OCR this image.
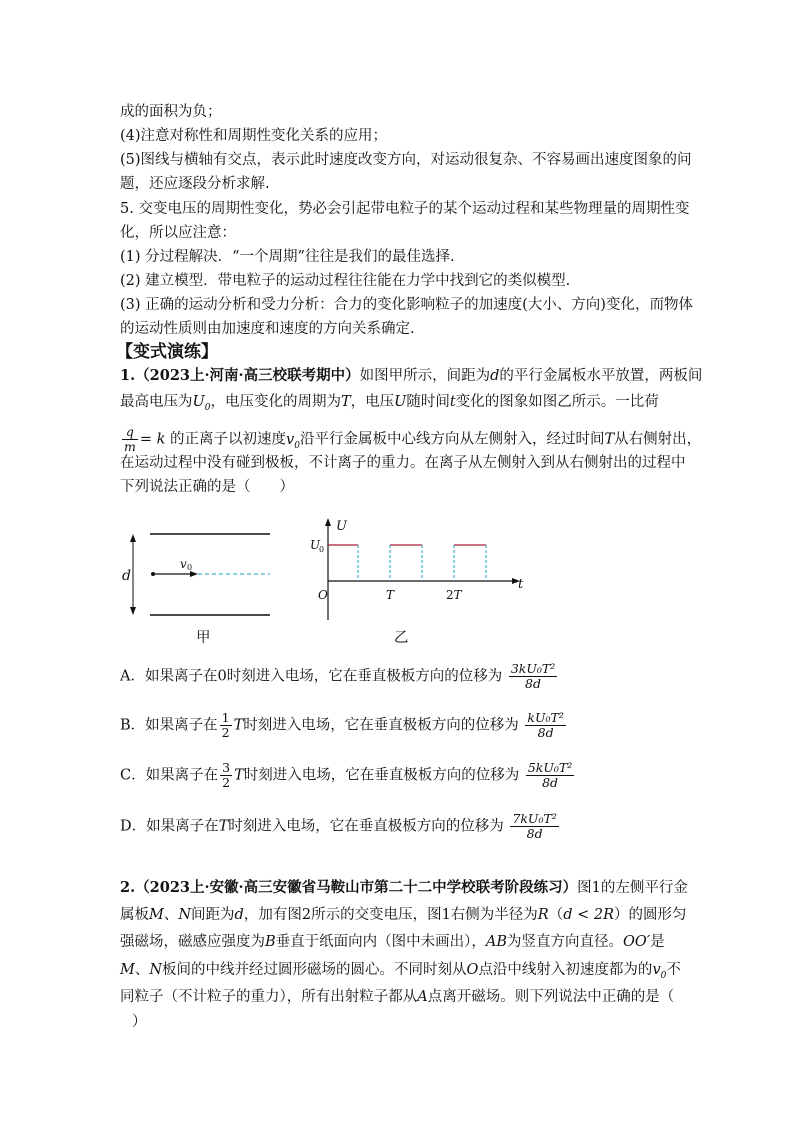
成的面积为负；
(4)注意对称性和周期性变化关系的应用；
(5)图线与横轴有交点，表示此时速度改变方向，对运动很复杂、不容易画出速度图象的问
题，还应逐段分析求解.
5. 交变电压的周期性变化，势必会引起带电粒子的某个运动过程和某些物理量的周期性变
化，所以应注意：
(1) 分过程解决．“一个周期”往往是我们的最佳选择.
(2) 建立模型．带电粒子的运动过程往往能在力学中找到它的类似模型.
(3) 正确的运动分析和受力分析：合力的变化影响粒子的加速度(大小、方向)变化，而物体
的运动性质则由加速度和速度的方向关系确定.
【变式演练】
1.（2023上·河南·高三校联考期中）如图甲所示，间距为d的平行金属板水平放置，两板间
最高电压为$U_0$，电压变化的周期为T，电压U随时间t变化的图象如图乙所示。一比荷
$\frac{q}{m} = k$ 的正离子以初速度$v_0$沿平行金属板中心线方向从左侧射入，经过时间T从右侧射出，
在运动过程中没有碰到极板，不计离子的重力。在离子从左侧射入到从右侧射出的过程中
下列说法正确的是（　　）
d
v 0
甲
U
U
0
t
O	T	2T
乙
A．如果离子在0时刻进入电场，它在垂直极板方向的位移为 $\frac{\text{3kU₀T²}}{8d}$
B．如果离子在 $\frac{1}{2}$ T时刻进入电场，它在垂直极板方向的位移为 $\frac{\text{kU₀T²}}{8d}$
C．如果离子在 $\frac{3}{2}$ T时刻进入电场，它在垂直极板方向的位移为 $\frac{\text{5kU₀T²}}{8d}$
D．如果离子在T时刻进入电场，它在垂直极板方向的位移为 $\frac{\text{7kU₀T²}}{8d}$
2.（2023上·安徽·高三安徽省马鞍山市第二十二中学校联考阶段练习）图1的左侧平行金
属板M、N间距为d，加有图2所示的交变电压，图1右侧为半径为R（d < 2R）的圆形匀
强磁场，磁感应强度为B垂直于纸面向内（图中未画出），AB为竖直方向直径。OO′是
M、N板间的中线并经过圆形磁场的圆心。不同时刻从O点沿中线射入初速度都为的$v_0$不
同粒子（不计粒子的重力），所有出射粒子都从A点离开磁场。则下列说法中正确的是（
）
